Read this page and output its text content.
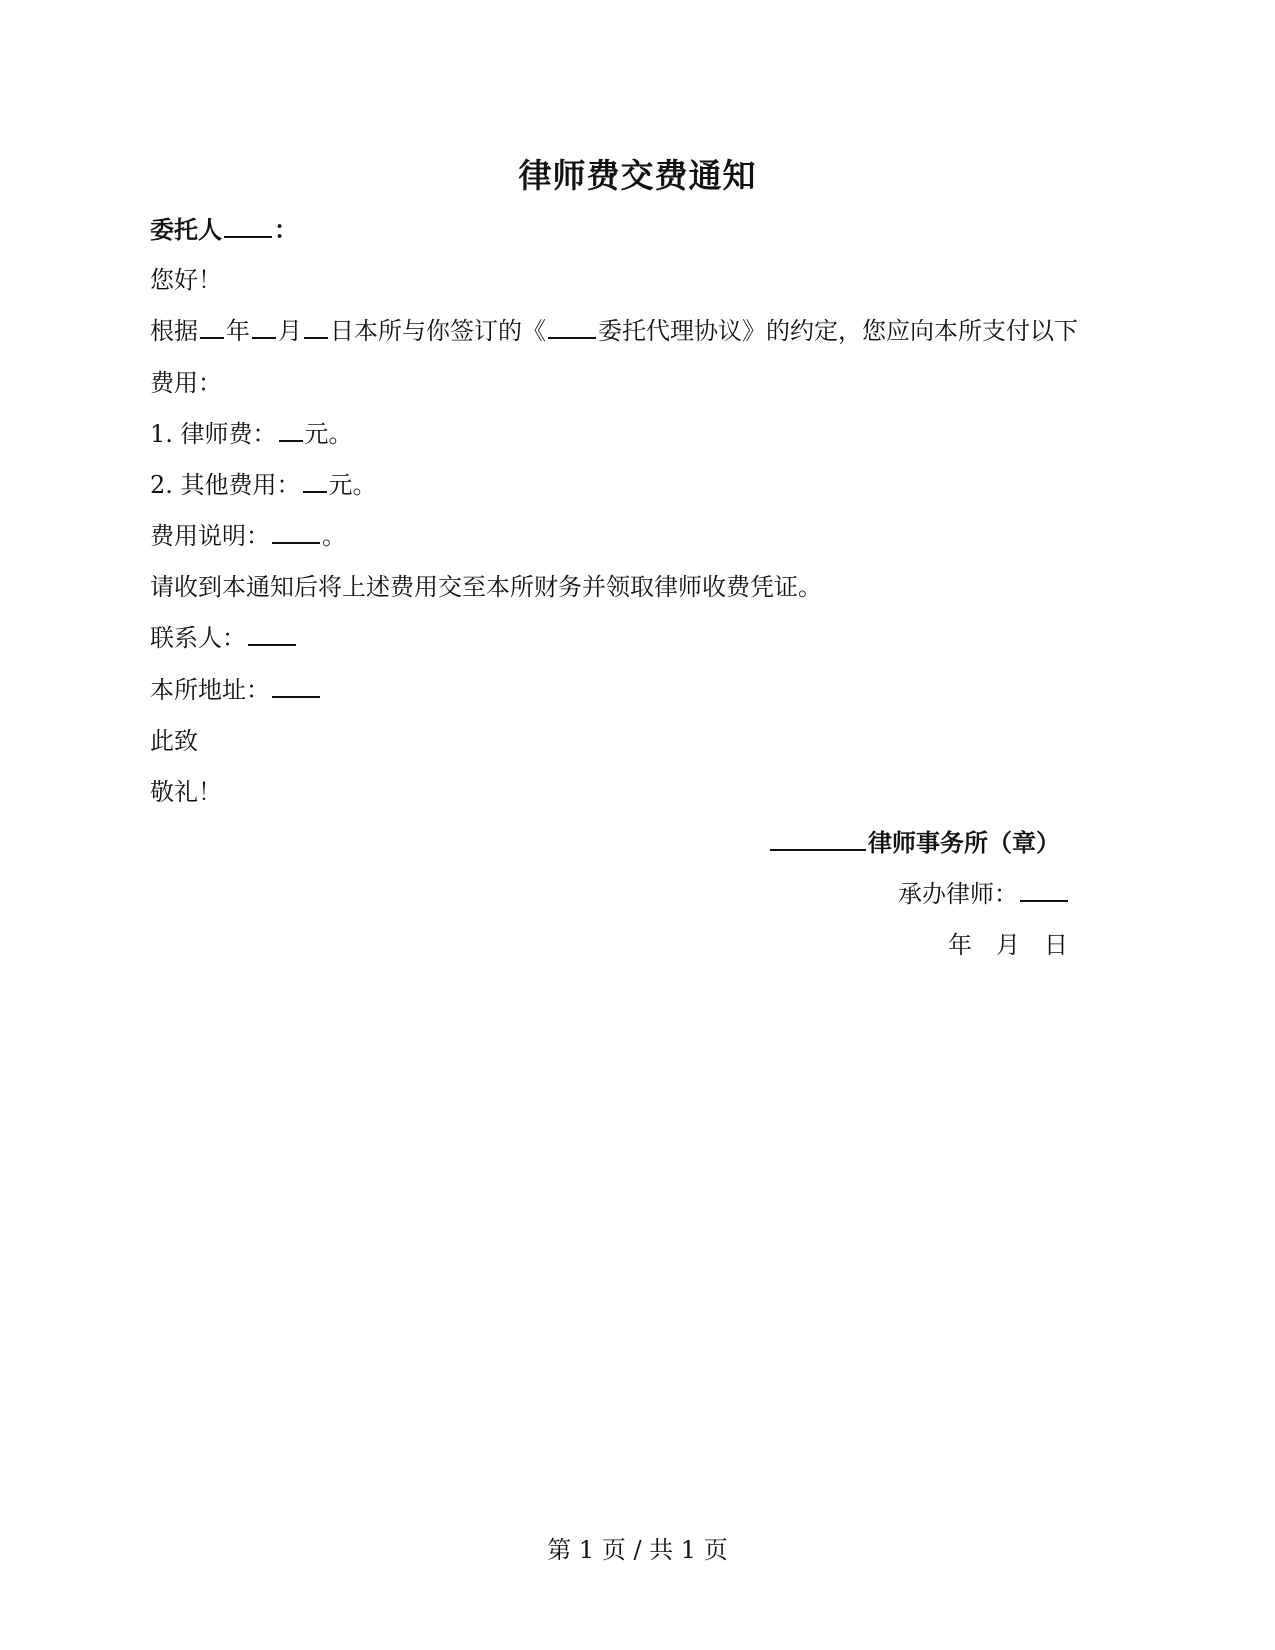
律师费交费通知
委托人 ：
您好！
根据 年 月 日本所与你签订的《 委托代理协议》的约定，您应向本所支付以下
费用：
1. 律师费： 元。
2. 其他费用： 元。
费用说明： 。
请收到本通知后将上述费用交至本所财务并领取律师收费凭证。
联系人：
本所地址：
此致
敬礼！
律师事务所（章）
承办律师：
年 月 日
第 1 页 / 共 1 页
